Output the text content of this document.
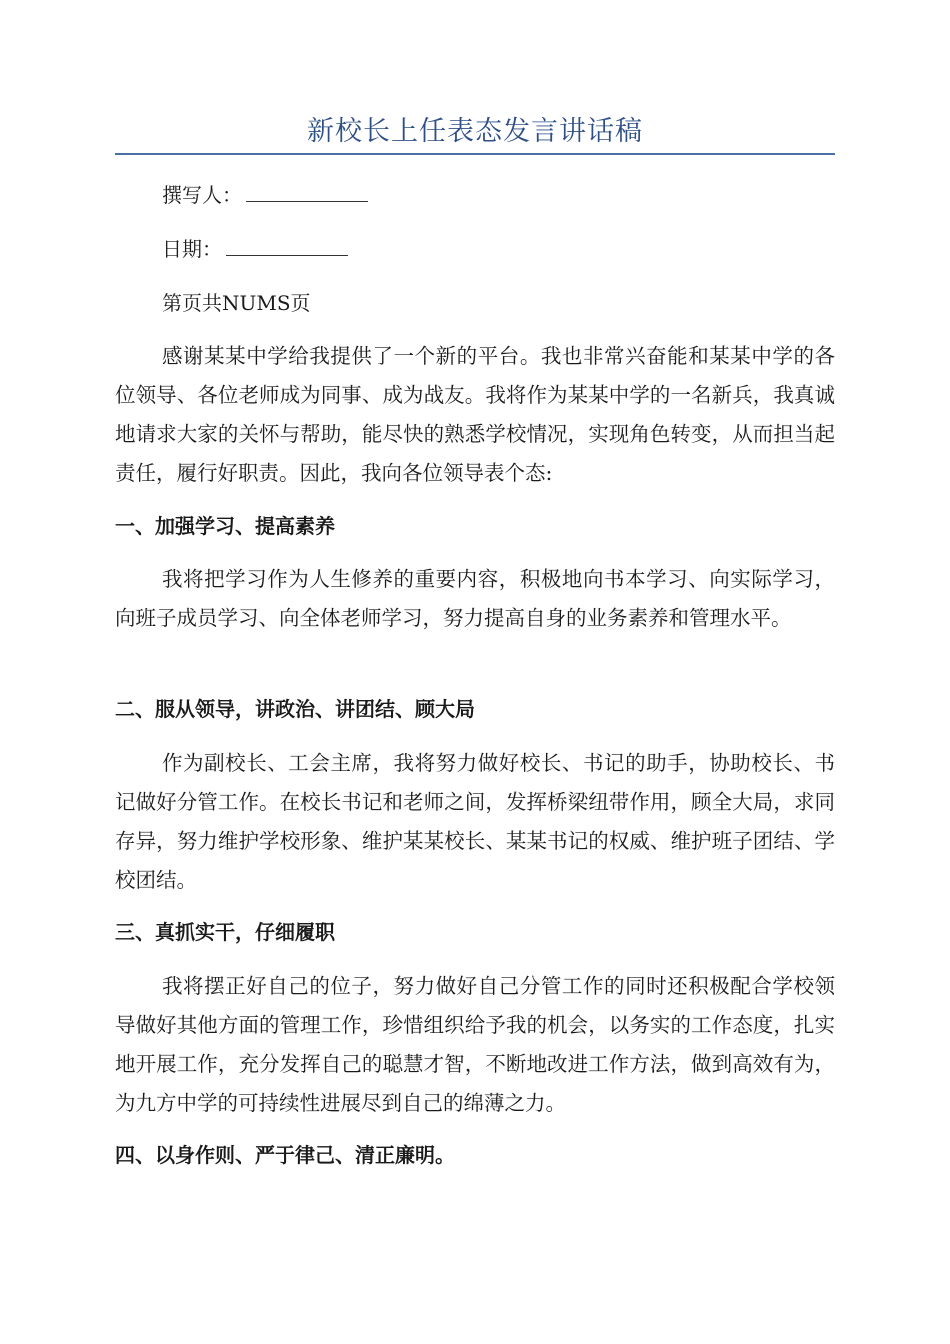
新校长上任表态发言讲话稿
撰写人：
日期：
第页共NUMS页

感谢某某中学给我提供了一个新的平台。我也非常兴奋能和某某中学的各位领导、各位老师成为同事、成为战友。我将作为某某中学的一名新兵，我真诚地请求大家的关怀与帮助，能尽快的熟悉学校情况，实现角色转变，从而担当起责任，履行好职责。因此，我向各位领导表个态:

一、加强学习、提高素养

我将把学习作为人生修养的重要内容，积极地向书本学习、向实际学习，向班子成员学习、向全体老师学习，努力提高自身的业务素养和管理水平。

二、服从领导，讲政治、讲团结、顾大局

作为副校长、工会主席，我将努力做好校长、书记的助手，协助校长、书记做好分管工作。在校长书记和老师之间，发挥桥梁纽带作用，顾全大局，求同存异，努力维护学校形象、维护某某校长、某某书记的权威、维护班子团结、学校团结。

三、真抓实干，仔细履职

我将摆正好自己的位子，努力做好自己分管工作的同时还积极配合学校领导做好其他方面的管理工作，珍惜组织给予我的机会，以务实的工作态度，扎实地开展工作，充分发挥自己的聪慧才智，不断地改进工作方法，做到高效有为，为九方中学的可持续性进展尽到自己的绵薄之力。

四、以身作则、严于律己、清正廉明。
